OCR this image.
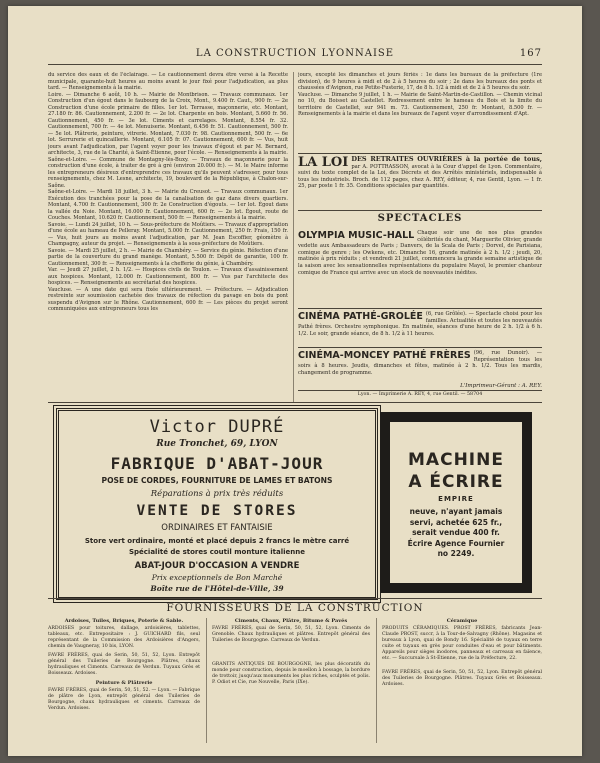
LA CONSTRUCTION LYONNAISE	167

du service des eaux et de l'éclairage. — Le cautionnement devra être versé à la Recette municipale, quarante-huit heures au moins avant le jour fixé pour l'adjudication, au plus tard. — Renseignements à la mairie.

Loire. — Dimanche 6 août, 10 h. — Mairie de Montbrison. — Travaux communaux. 1er Construction d'un égout dans le faubourg de la Croix, Mont., 9.400 fr. Caut., 900 fr. — 2e Construction d'une école primaire de filles. 1er lot. Terrasse, maçonnerie, etc. Montant, 27.180 fr. 86. Cautionnement, 2.200 fr. — 2e lot. Charpente en bois. Montant, 5.660 fr. 56. Cautionnement, 450 fr. — 3e lot. Ciments et carrelages. Montant, 8.554 fr. 32. Cautionnement, 700 fr. — 4e lot. Menuiserie. Montant, 6.456 fr. 51. Cautionnement, 500 fr. — 5e lot. Plâtrerie, peinture, vitrerie. Montant, 7.030 fr. 98. Cautionnement, 500 fr. — 6e lot. Serrurerie et quincaillerie. Montant, 6.105 fr. 07. Cautionnement, 600 fr. — Vus, huit jours avant l'adjudication, par l'agent voyer pour les travaux d'égout et par M. Bernard, architecte, 3, rue de la Charité, à Saint-Étienne, pour l'école. — Renseignements à la mairie.

Saône-et-Loire. — Commune de Montagny-lès-Buxy. — Travaux de maçonnerie pour la construction d'une école, à traiter de gré à gré (environ 20.000 fr.). — M. le Maire informe les entrepreneurs désireux d'entreprendre ces travaux qu'ils peuvent s'adresser, pour tous renseignements, chez M. Lesne, architecte, 19, boulevard de la République, à Chalon-sur-Saône.

Saône-et-Loire. — Mardi 18 juillet, 3 h. — Mairie du Creusot. — Travaux communaux. 1er Exécution des tranchées pour la pose de la canalisation de gaz dans divers quartiers. Montant, 4.700 fr. Cautionnement, 300 fr. 2e Construction d'égouts. — 1er lot. Égout dans la vallée du Noie. Montant, 16.000 fr. Cautionnement, 600 fr. — 2e lot. Égout, route de Couches. Montant, 10.620 fr. Cautionnement, 500 fr. — Renseignements à la mairie.

Savoie. — Lundi 24 juillet, 10 h. — Sous-préfecture de Moûtiers. — Travaux d'appropriation d'une école au hameau de Pelleray. Montant, 5.000 fr. Cautionnement, 250 fr. Frais, 150 fr. — Vus, huit jours au moins avant l'adjudication, par M. Jean Escoffier, géomètre à Champagny, auteur du projet. — Renseignements à la sous-préfecture de Moûtiers.

Savoie. — Mardi 25 juillet, 2 h. — Mairie de Chambéry. — Service du génie. Réfection d'une partie de la couverture du grand manège. Montant, 5.500 fr. Dépôt de garantie, 100 fr. Cautionnement, 300 fr. — Renseignements à la chefferie du génie, à Chambéry.

Var. — Jeudi 27 juillet, 2 h. 1/2. — Hospices civils de Toulon. — Travaux d'assainissement aux hospices. Montant, 12.000 fr. Cautionnement, 800 fr. — Vus par l'architecte des hospices. — Renseignements au secrétariat des hospices.

Vaucluse. — A une date qui sera fixée ultérieurement. — Préfecture. — Adjudication restreinte sur soumission cachetée des travaux de réfection du pavage en bois du pont suspendu d'Avignon sur le Rhône. Cautionnement, 600 fr. — Les pièces du projet seront communiquées aux entrepreneurs tous les

jours, excepté les dimanches et jours fériés : 1e dans les bureaux de la préfecture (1re division), de 9 heures à midi et de 2 à 5 heures du soir ; 2e dans les bureaux des ponts et chaussées d'Avignon, rue Petite-Fusterie, 17, de 8 h. 1/2 à midi et de 2 à 5 heures du soir.

Vaucluse. — Dimanche 9 juillet, 1 h. — Mairie de Saint-Martin-de-Castillon. — Chemin vicinal no 10, du Boisset au Castellet. Redressement entre le hameau du Bois et la limite du territoire de Castellet, sur 941 m. 73. Cautionnement, 250 fr. Montant, 8.500 fr. — Renseignements à la mairie et dans les bureaux de l'agent voyer d'arrondissement d'Apt.

LA LOI DES RETRAITES OUVRIÈRES à la portée de tous, par A. POTTRASSON, avocat à la Cour d'appel de Lyon. Commentaire, suivi du texte complet de la Loi, des Décrets et des Arrêtés ministériels, indispensable à tous les industriels. Broch. de 112 pages, chez A. REY, éditeur, 4, rue Gentil, Lyon. — 1 fr. 25, par poste 1 fr. 35. Conditions spéciales par quantités.
SPECTACLES
OLYMPIA MUSIC-HALL Chaque soir une de nos plus grandes célébrités du chant, Marguerite Olivier, grande vedette aux Ambassadeurs de Paris ; Danvers, de la Scala de Paris ; Dorvel, de Parisiana, comique de genre ; les Owkens, etc. Dimanche 16, grande matinée à 2 h. 1/2 ; jeudi, 20, matinée à prix réduits ; et vendredi 21 juillet, commencera la grande semaine artistique de la saison avec les sensationnelles représentations du populaire Mayol, le premier chanteur comique de France qui arrive avec un stock de nouveautés inédites.
CINÉMA PATHÉ-GROLÉE (6, rue Grôlée). — Spectacle choisi pour les familles. Actualités et toutes les nouveautés Pathé frères. Orchestre symphonique. En matinée, séances d'une heure de 2 h. 1/2 à 6 h. 1/2. Le soir, grande séance, de 8 h. 1/2 à 11 heures.
CINÉMA-MONCEY PATHÉ FRÈRES (96, rue Dunoir). — Représentation tous les soirs à 8 heures. Jeudis, dimanches et fêtes, matinée à 2 h. 1/2. Tous les mardis, changement de programme.
L'Imprimeur-Gérant : A. REY.
Lyon. — Imprimerie A. REY, 4, rue Gentil. — 58704
Victor DUPRÉ
Rue Tronchet, 69, LYON
FABRIQUE D'ABAT-JOUR
POSE DE CORDES, FOURNITURE DE LAMES ET BATONS
Réparations à prix très réduits
VENTE DE STORES
ORDINAIRES ET FANTAISIE
Store vert ordinaire, monté et placé depuis 2 francs le mètre carré
Spécialité de stores coutil monture italienne
ABAT-JOUR D'OCCASION A VENDRE
Prix exceptionnels de Bon Marché
Boîte rue de l'Hôtel-de-Ville, 39
MACHINE
A ÉCRIRE
EMPIRE
neuve, n'ayant jamais
servi, achetée 625 fr.,
serait vendue 400 fr.
Écrire Agence Fournier
no 2249.
FOURNISSEURS DE LA CONSTRUCTION
Ardoises, Tuiles, Briques, Poterie & Sable.

ARDOISES pour toitures, dallage, ardoisières, tablettes, tableaux, etc. Entrepositaire : J. GUICHARD fils, seul représentant de la Commission des Ardoisières d'Angers, chemin de Vaugneray, 10 bis, LYON.

FAVRE FRÈRES, quai de Serin, 50, 51, 52, Lyon. Entrepôt général des Tuileries de Bourgogne. Plâtres, chaux hydrauliques et Ciments. Carreaux de Verdun. Tuyaux Grès et Boisseaux. Ardoises.

Peinture & Plâtrerie

FAVRE FRÈRES, quai de Serin, 50, 51, 52. — Lyon. — Fabrique de plâtre de Lyon, entrepôt général des Tuileries de Bourgogne, chaux hydrauliques et ciments. Carreaux de Verdun. Ardoises.

Ciments, Chaux, Plâtre, Bitume & Pavés

FAVRE FRÈRES, quai de Serin, 50, 51, 52, Lyon. Ciments de Grenoble. Chaux hydrauliques et plâtres. Entrepôt général des Tuileries de Bourgogne. Carreaux de Verdun.

GRANITS ANTIQUES DE BOURGOGNE, les plus décoratifs du monde pour construction, depuis le moellon à bossage, la bordure de trottoir, jusqu'aux monuments les plus riches, sculptés et polis. P. Odiot et Cie, rue Nouvelle, Paris (IXe).

Céramique

PRODUITS CÉRAMIQUES. PROST FRÈRES, fabricants Jean-Claude PROST, succr, à la Tour-de-Salvagny (Rhône). Magasins et bureaux à Lyon, quai de Bondy 16. Spécialité de tuyaux en terre cuite et tuyaux en grès pour conduites d'eau et pour bâtiments. Appareils pour sièges inodores, panneaux et carreaux en faïence, etc. — Succursale à St-Étienne, rue de la Préfecture, 22.

FAVRE FRÈRES, quai de Serin, 50, 51, 52, Lyon. Entrepôt général des Tuileries de Bourgogne. Plâtres. Tuyaux Grès et Boisseaux. Ardoises.
